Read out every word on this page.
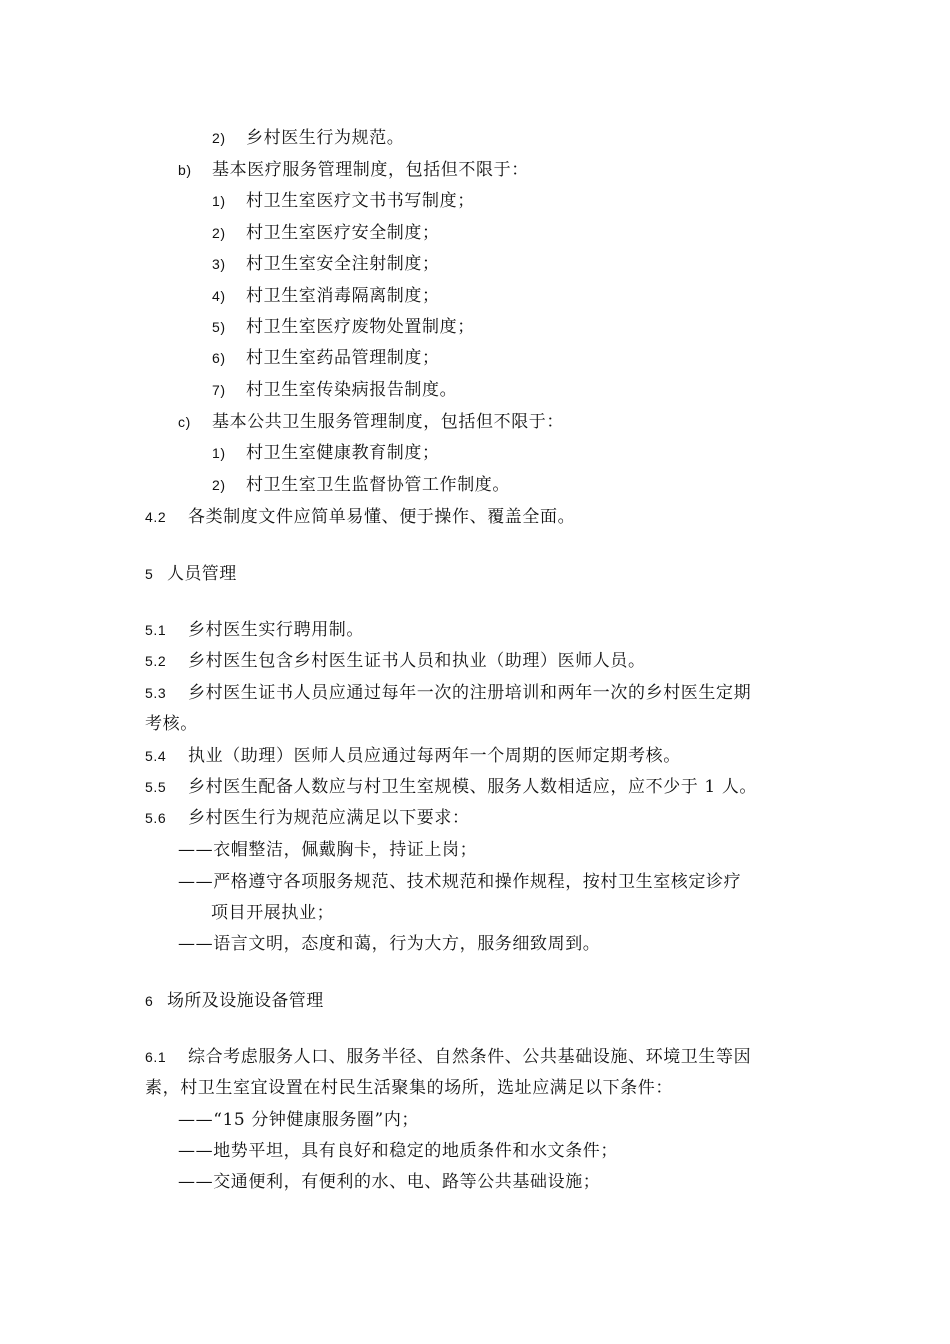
2) 乡村医生行为规范。
b) 基本医疗服务管理制度，包括但不限于：
1) 村卫生室医疗文书书写制度；
2) 村卫生室医疗安全制度；
3) 村卫生室安全注射制度；
4) 村卫生室消毒隔离制度；
5) 村卫生室医疗废物处置制度；
6) 村卫生室药品管理制度；
7) 村卫生室传染病报告制度。
c) 基本公共卫生服务管理制度，包括但不限于：
1) 村卫生室健康教育制度；
2) 村卫生室卫生监督协管工作制度。
4.2 各类制度文件应简单易懂、便于操作、覆盖全面。
5 人员管理
5.1 乡村医生实行聘用制。
5.2 乡村医生包含乡村医生证书人员和执业（助理）医师人员。
5.3 乡村医生证书人员应通过每年一次的注册培训和两年一次的乡村医生定期
考核。
5.4 执业（助理）医师人员应通过每两年一个周期的医师定期考核。
5.5 乡村医生配备人数应与村卫生室规模、服务人数相适应，应不少于 1 人。
5.6 乡村医生行为规范应满足以下要求：
——衣帽整洁，佩戴胸卡，持证上岗；
——严格遵守各项服务规范、技术规范和操作规程，按村卫生室核定诊疗
项目开展执业；
——语言文明，态度和蔼，行为大方，服务细致周到。
6 场所及设施设备管理
6.1 综合考虑服务人口、服务半径、自然条件、公共基础设施、环境卫生等因
素，村卫生室宜设置在村民生活聚集的场所，选址应满足以下条件：
——“15 分钟健康服务圈”内；
——地势平坦，具有良好和稳定的地质条件和水文条件；
——交通便利，有便利的水、电、路等公共基础设施；
